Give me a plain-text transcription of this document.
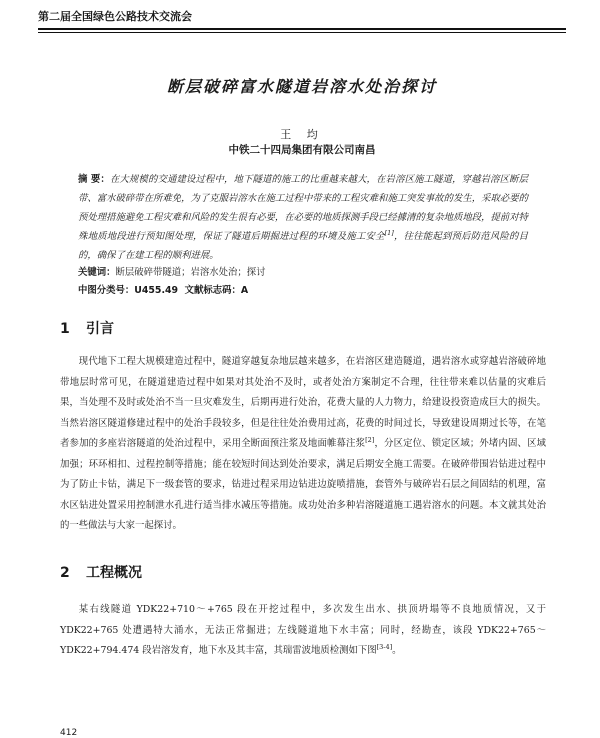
第二届全国绿色公路技术交流会
断层破碎富水隧道岩溶水处治探讨
王 均
中铁二十四局集团有限公司南昌
摘 要：在大规模的交通建设过程中，地下隧道的施工的比重越来越大，在岩溶区施工隧道，穿越岩溶区断层带、富水破碎带在所难免，为了克服岩溶水在施工过程中带来的工程灾难和施工突发事故的发生，采取必要的预处理措施避免工程灾难和风险的发生很有必要，在必要的地质探测手段已经據清的复杂地质地段，提前对特殊地质地段进行预知图处理，保证了隧道后期掘进过程的环境及施工安全[1]，往往能起到预后防范风险的目的，确保了在建工程的顺利进展。
关键词：断层破碎带隧道；岩溶水处治；探讨
中图分类号：U455.49 文献标志码：A
1 引言

现代地下工程大规模建造过程中，隧道穿越复杂地层越来越多，在岩溶区建造隧道，遇岩溶水或穿越岩溶破碎地带地层时常可见，在隧道建造过程中如果对其处治不及时，或者处治方案制定不合理，往往带来难以估量的灾难后果，当处理不及时或处治不当一旦灾难发生，后期再进行处治，花费大量的人力物力，给建设投资造成巨大的损失。当然岩溶区隧道修建过程中的处治手段较多，但是往往处治费用过高，花费的时间过长，导致建设周期过长等，在笔者参加的多座岩溶隧道的处治过程中，采用全断面预注浆及地面帷幕注浆[2]，分区定位、锁定区域；外堵内固、区域加强；环环相扣、过程控制等措施；能在较短时间达到处治要求，满足后期安全施工需要。在破碎带围岩钻进过程中为了防止卡钻，满足下一级套管的要求，钻进过程采用边钻进边旋喷措施，套管外与破碎岩石层之间固结的机理，富水区钻进处置采用控制泄水孔进行适当排水减压等措施。成功处治多种岩溶隧道施工遇岩溶水的问题。本文就其处治的一些做法与大家一起探讨。

2 工程概况

某右线隧道 YDK22+710～+765 段在开挖过程中，多次发生出水、拱顶坍塌等不良地质情况，又于YDK22+765 处遭遇特大涌水，无法正常掘进；左线隧道地下水丰富；同时，经勘查，该段 YDK22+765～YDK22+794.474 段岩溶发育，地下水及其丰富，其瑞雷波地质检测如下图[3-4]。

412
